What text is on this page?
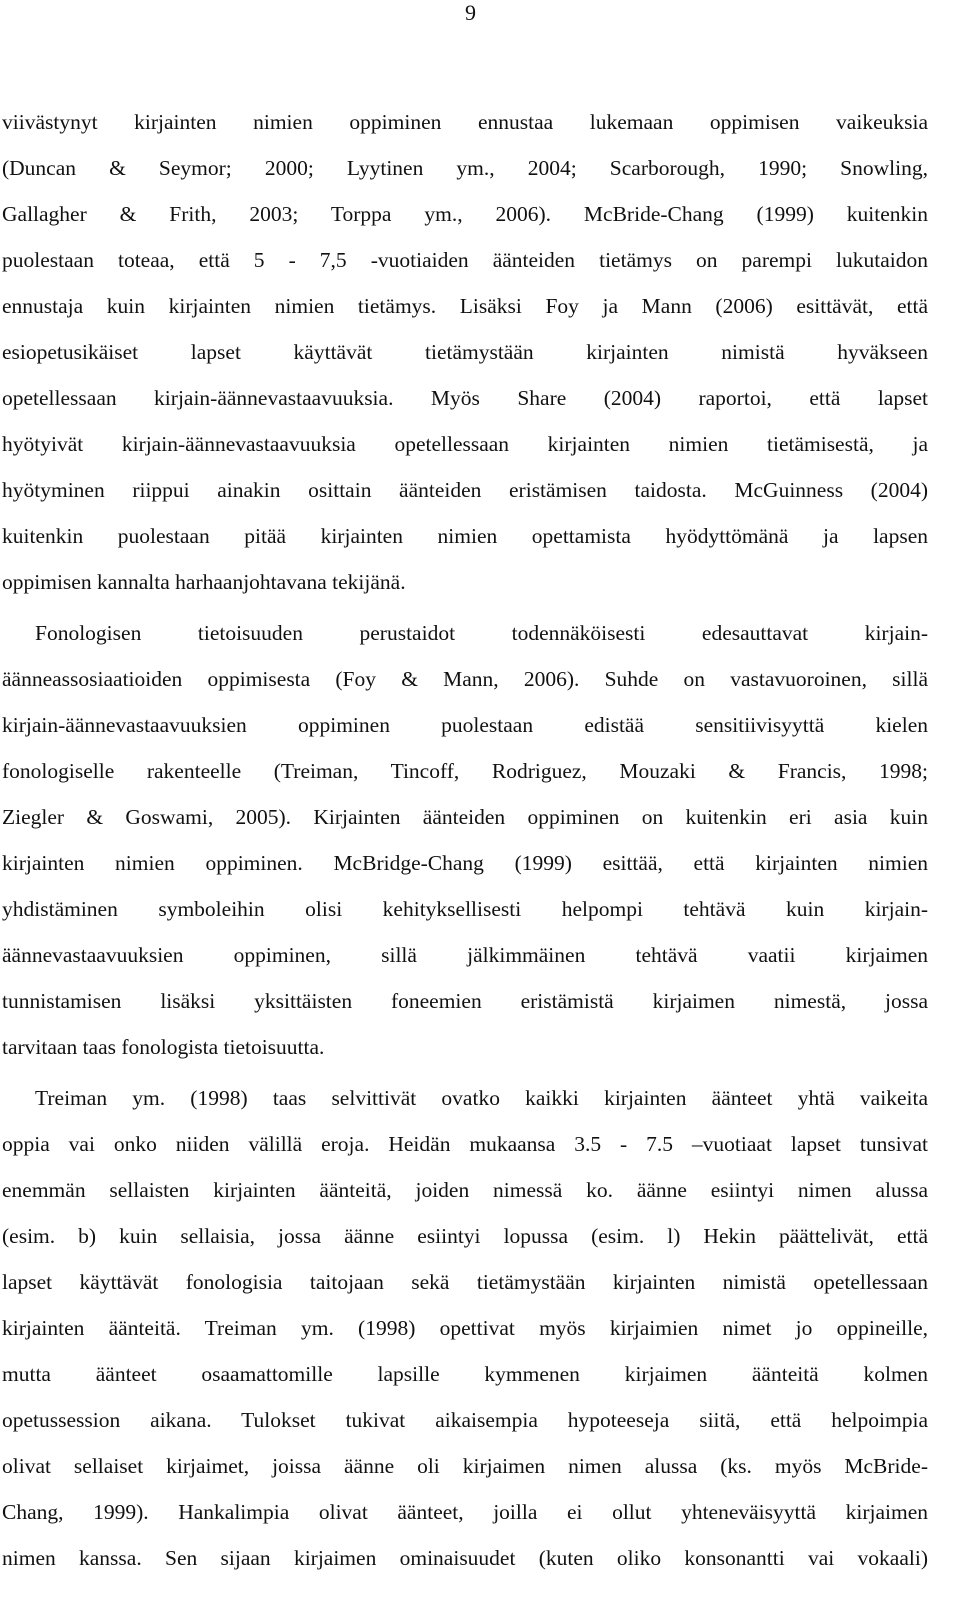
9
viivästynyt kirjainten nimien oppiminen ennustaa lukemaan oppimisen vaikeuksia
(Duncan & Seymor; 2000; Lyytinen ym., 2004; Scarborough, 1990; Snowling,
Gallagher & Frith, 2003; Torppa ym., 2006). McBride-Chang (1999) kuitenkin
puolestaan toteaa, että 5 - 7,5 -vuotiaiden äänteiden tietämys on parempi lukutaidon
ennustaja kuin kirjainten nimien tietämys. Lisäksi Foy ja Mann (2006) esittävät, että
esiopetusikäiset lapset käyttävät tietämystään kirjainten nimistä hyväkseen
opetellessaan kirjain-äännevastaavuuksia. Myös Share (2004) raportoi, että lapset
hyötyivät kirjain-äännevastaavuuksia opetellessaan kirjainten nimien tietämisestä, ja
hyötyminen riippui ainakin osittain äänteiden eristämisen taidosta. McGuinness (2004)
kuitenkin puolestaan pitää kirjainten nimien opettamista hyödyttömänä ja lapsen
oppimisen kannalta harhaanjohtavana tekijänä.
Fonologisen tietoisuuden perustaidot todennäköisesti edesauttavat kirjain-
äänneassosiaatioiden oppimisesta (Foy & Mann, 2006). Suhde on vastavuoroinen, sillä
kirjain-äännevastaavuuksien oppiminen puolestaan edistää sensitiivisyyttä kielen
fonologiselle rakenteelle (Treiman, Tincoff, Rodriguez, Mouzaki & Francis, 1998;
Ziegler & Goswami, 2005). Kirjainten äänteiden oppiminen on kuitenkin eri asia kuin
kirjainten nimien oppiminen. McBridge-Chang (1999) esittää, että kirjainten nimien
yhdistäminen symboleihin olisi kehityksellisesti helpompi tehtävä kuin kirjain-
äännevastaavuuksien oppiminen, sillä jälkimmäinen tehtävä vaatii kirjaimen
tunnistamisen lisäksi yksittäisten foneemien eristämistä kirjaimen nimestä, jossa
tarvitaan taas fonologista tietoisuutta.
Treiman ym. (1998) taas selvittivät ovatko kaikki kirjainten äänteet yhtä vaikeita
oppia vai onko niiden välillä eroja. Heidän mukaansa 3.5 - 7.5 –vuotiaat lapset tunsivat
enemmän sellaisten kirjainten äänteitä, joiden nimessä ko. äänne esiintyi nimen alussa
(esim. b) kuin sellaisia, jossa äänne esiintyi lopussa (esim. l) Hekin päättelivät, että
lapset käyttävät fonologisia taitojaan sekä tietämystään kirjainten nimistä opetellessaan
kirjainten äänteitä. Treiman ym. (1998) opettivat myös kirjaimien nimet jo oppineille,
mutta äänteet osaamattomille lapsille kymmenen kirjaimen äänteitä kolmen
opetussession aikana. Tulokset tukivat aikaisempia hypoteeseja siitä, että helpoimpia
olivat sellaiset kirjaimet, joissa äänne oli kirjaimen nimen alussa (ks. myös McBride-
Chang, 1999). Hankalimpia olivat äänteet, joilla ei ollut yhteneväisyyttä kirjaimen
nimen kanssa. Sen sijaan kirjaimen ominaisuudet (kuten oliko konsonantti vai vokaali)
